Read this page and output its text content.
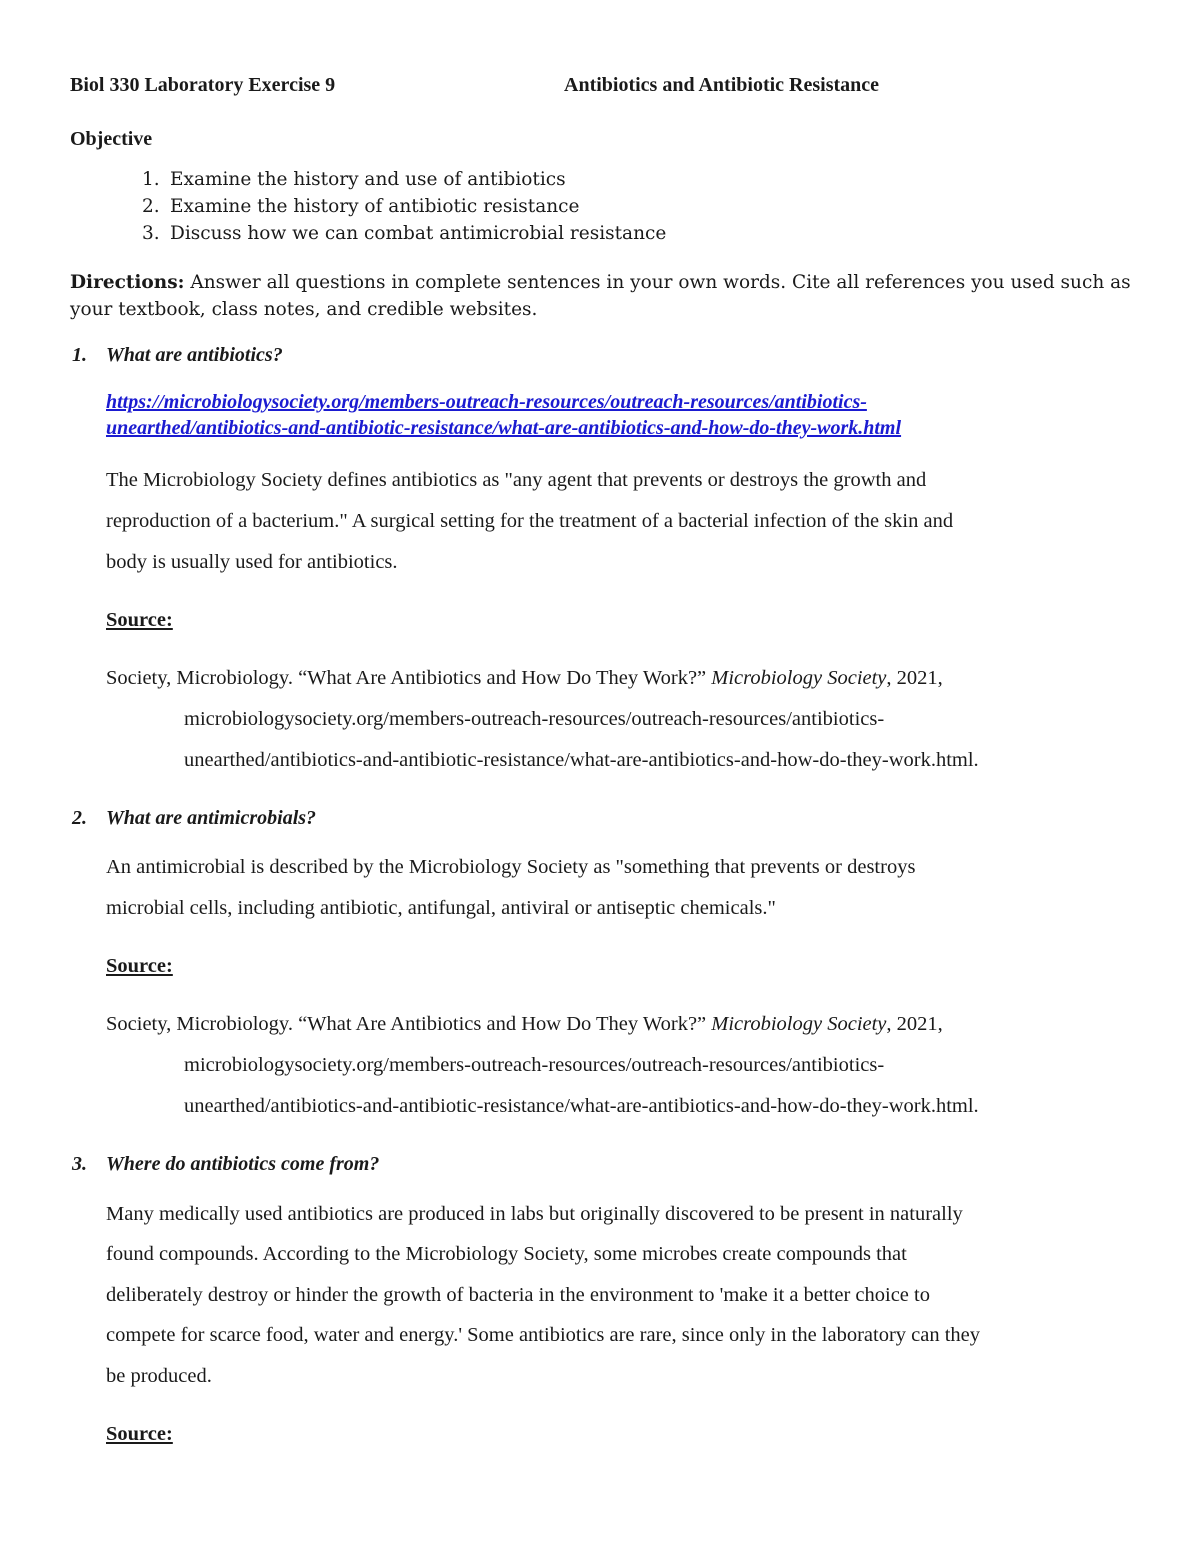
Biol 330 Laboratory Exercise 9	Antibiotics and Antibiotic Resistance
Objective
1. Examine the history and use of antibiotics
2. Examine the history of antibiotic resistance
3. Discuss how we can combat antimicrobial resistance
Directions: Answer all questions in complete sentences in your own words. Cite all references you used such as
your textbook, class notes, and credible websites.
1. What are antibiotics?
https://microbiologysociety.org/members-outreach-resources/outreach-resources/antibiotics-
unearthed/antibiotics-and-antibiotic-resistance/what-are-antibiotics-and-how-do-they-work.html
The Microbiology Society defines antibiotics as "any agent that prevents or destroys the growth and
reproduction of a bacterium." A surgical setting for the treatment of a bacterial infection of the skin and
body is usually used for antibiotics.
Source:
Society, Microbiology. “What Are Antibiotics and How Do They Work?” Microbiology Society, 2021,
microbiologysociety.org/members-outreach-resources/outreach-resources/antibiotics-
unearthed/antibiotics-and-antibiotic-resistance/what-are-antibiotics-and-how-do-they-work.html.
2. What are antimicrobials?
An antimicrobial is described by the Microbiology Society as "something that prevents or destroys
microbial cells, including antibiotic, antifungal, antiviral or antiseptic chemicals."
Source:
Society, Microbiology. “What Are Antibiotics and How Do They Work?” Microbiology Society, 2021,
microbiologysociety.org/members-outreach-resources/outreach-resources/antibiotics-
unearthed/antibiotics-and-antibiotic-resistance/what-are-antibiotics-and-how-do-they-work.html.
3. Where do antibiotics come from?
Many medically used antibiotics are produced in labs but originally discovered to be present in naturally
found compounds. According to the Microbiology Society, some microbes create compounds that
deliberately destroy or hinder the growth of bacteria in the environment to 'make it a better choice to
compete for scarce food, water and energy.' Some antibiotics are rare, since only in the laboratory can they
be produced.
Source:
